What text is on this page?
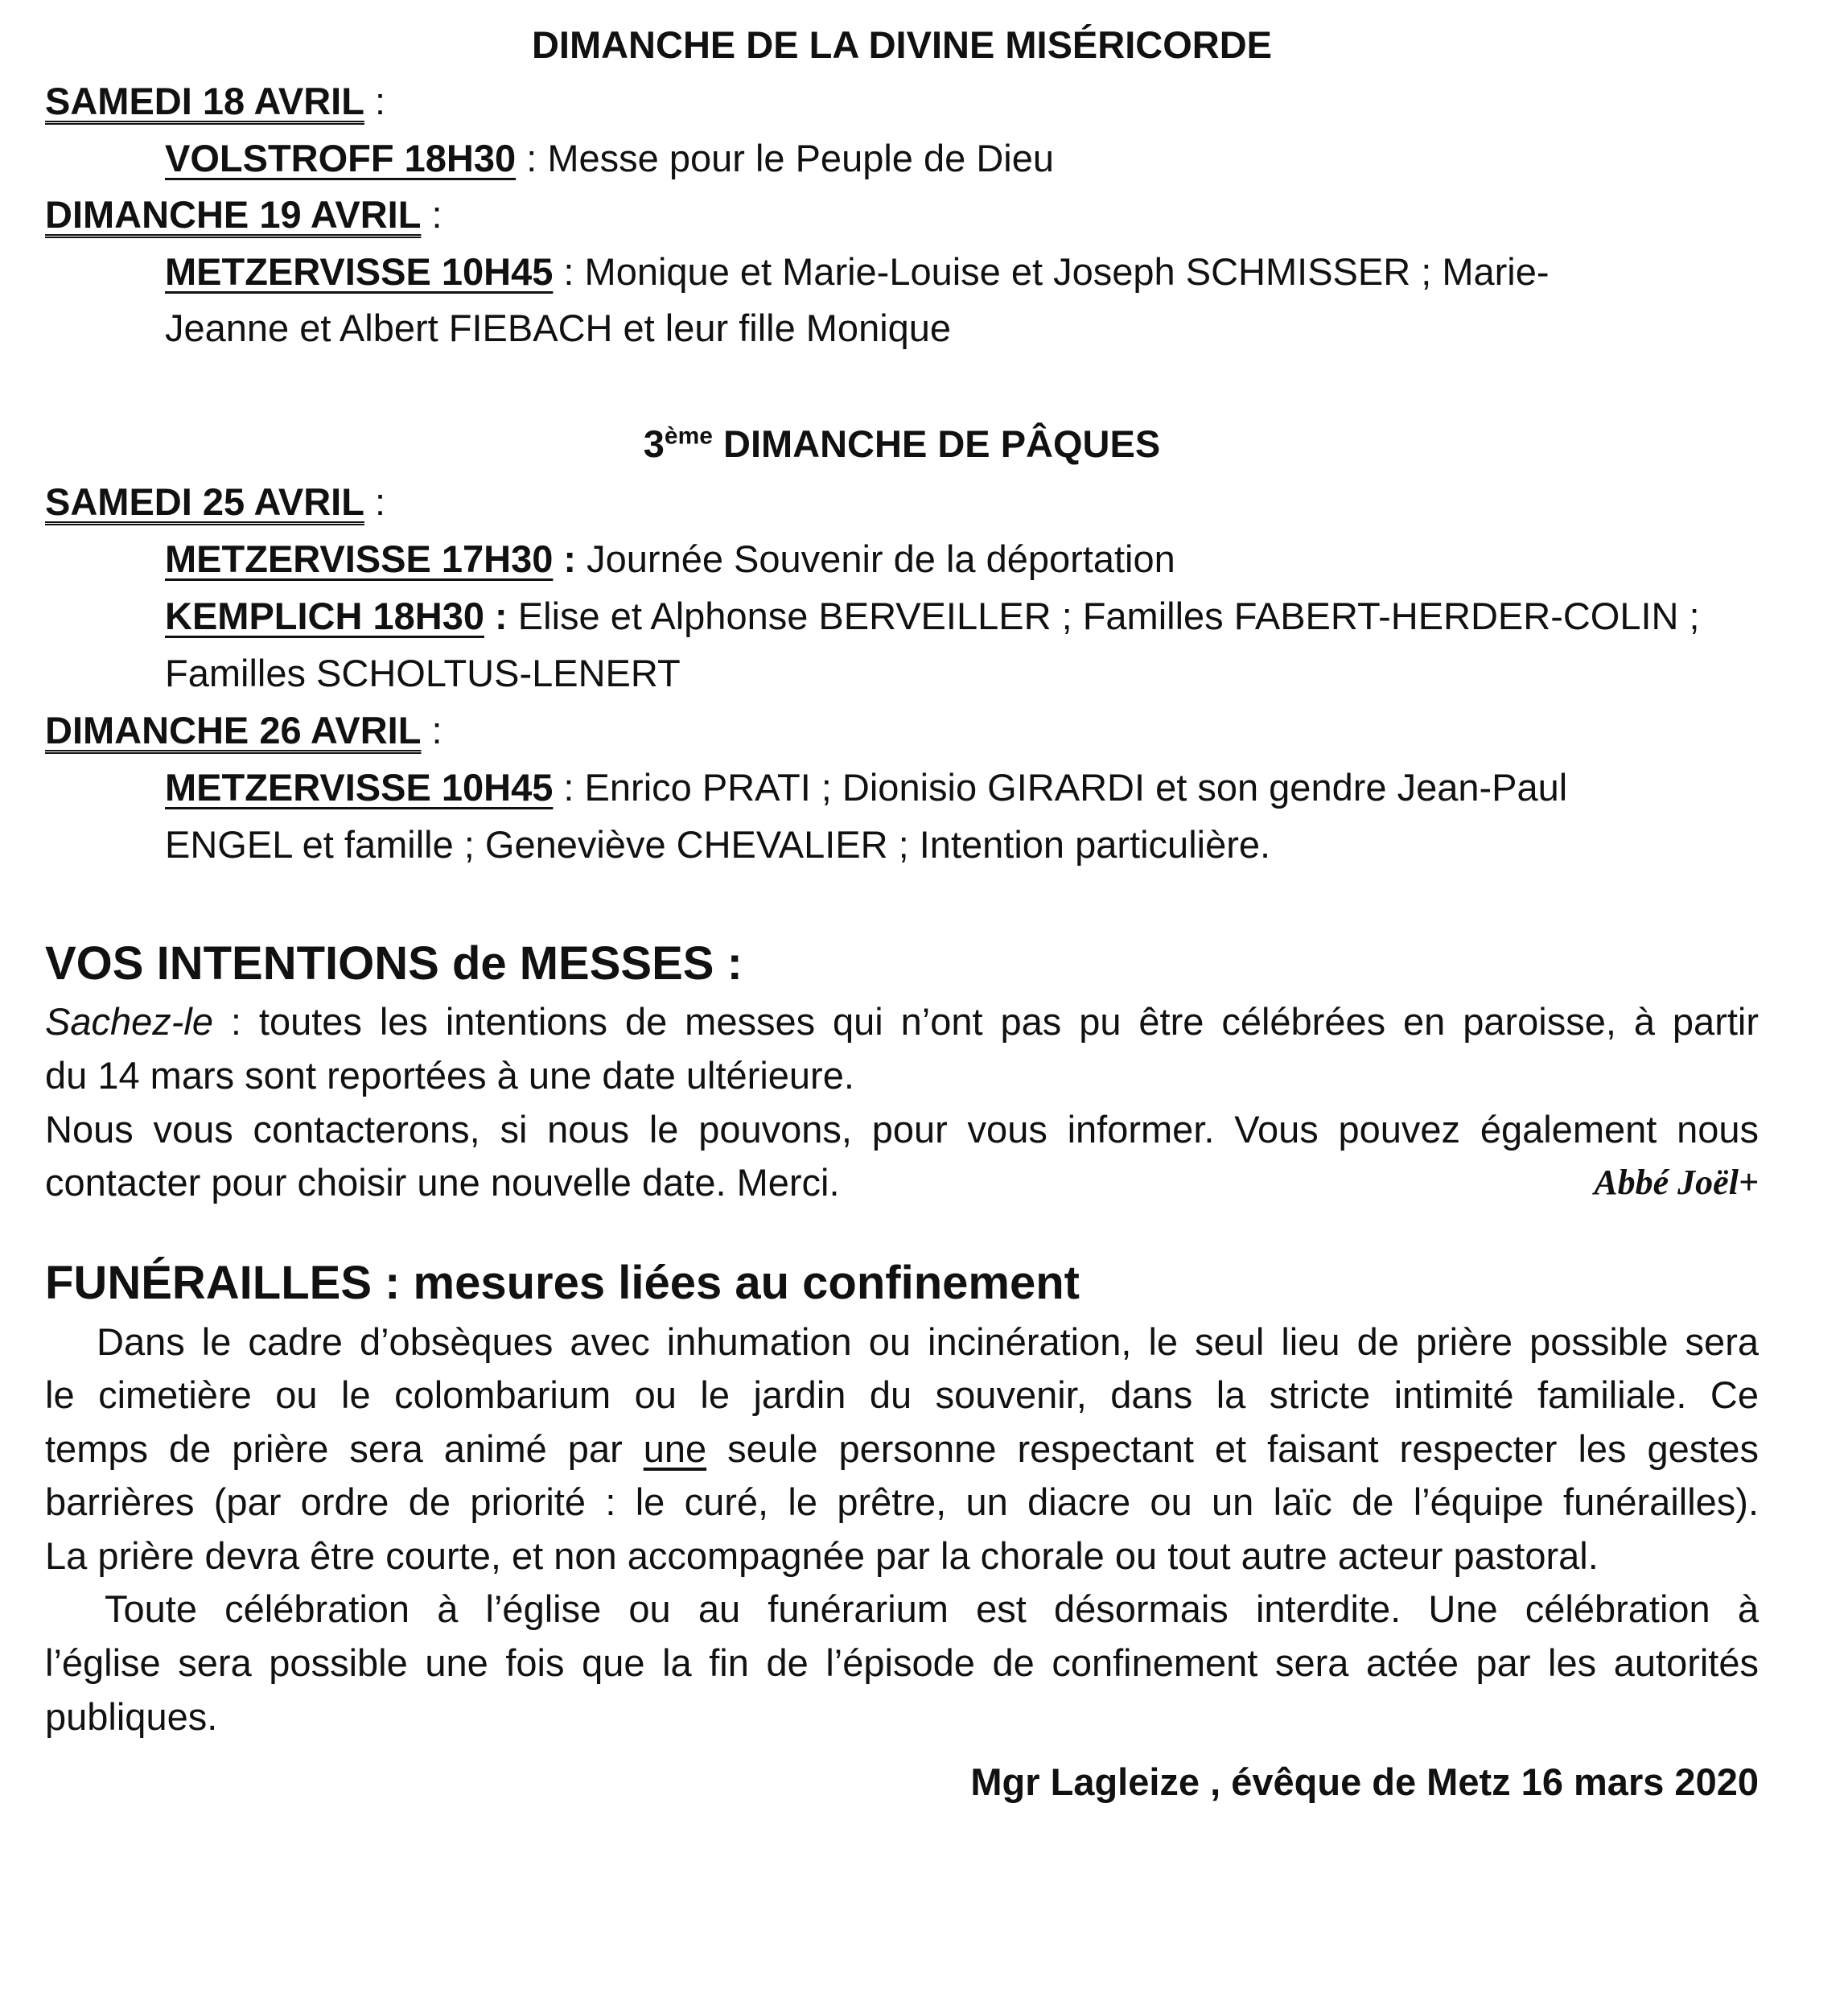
DIMANCHE DE LA DIVINE MISÉRICORDE
SAMEDI 18 AVRIL :
VOLSTROFF 18H30 : Messe pour le Peuple de Dieu
DIMANCHE 19 AVRIL :
METZERVISSE 10H45 : Monique et Marie-Louise et Joseph SCHMISSER ; Marie-
Jeanne et Albert FIEBACH et leur fille Monique
3ème DIMANCHE DE PÂQUES
SAMEDI 25 AVRIL :
METZERVISSE 17H30 : Journée Souvenir de la déportation
KEMPLICH 18H30 : Elise et Alphonse BERVEILLER ; Familles FABERT-HERDER-COLIN ;
Familles SCHOLTUS-LENERT
DIMANCHE 26 AVRIL :
METZERVISSE 10H45 : Enrico PRATI ; Dionisio GIRARDI et son gendre Jean-Paul
ENGEL et famille ; Geneviève CHEVALIER ; Intention particulière.
VOS INTENTIONS de MESSES :
Sachez-le : toutes les intentions de messes qui n’ont pas pu être célébrées en paroisse, à partir
du 14 mars sont reportées à une date ultérieure.
Nous vous contacterons, si nous le pouvons, pour vous informer. Vous pouvez également nous
contacter pour choisir une nouvelle date. Merci.	Abbé Joël+
FUNÉRAILLES : mesures liées au confinement
Dans le cadre d’obsèques avec inhumation ou incinération, le seul lieu de prière possible sera
le cimetière ou le colombarium ou le jardin du souvenir, dans la stricte intimité familiale. Ce
temps de prière sera animé par une seule personne respectant et faisant respecter les gestes
barrières (par ordre de priorité : le curé, le prêtre, un diacre ou un laïc de l’équipe funérailles).
La prière devra être courte, et non accompagnée par la chorale ou tout autre acteur pastoral.
Toute célébration à l’église ou au funérarium est désormais interdite. Une célébration à
l’église sera possible une fois que la fin de l’épisode de confinement sera actée par les autorités
publiques.
Mgr Lagleize , évêque de Metz 16 mars 2020
